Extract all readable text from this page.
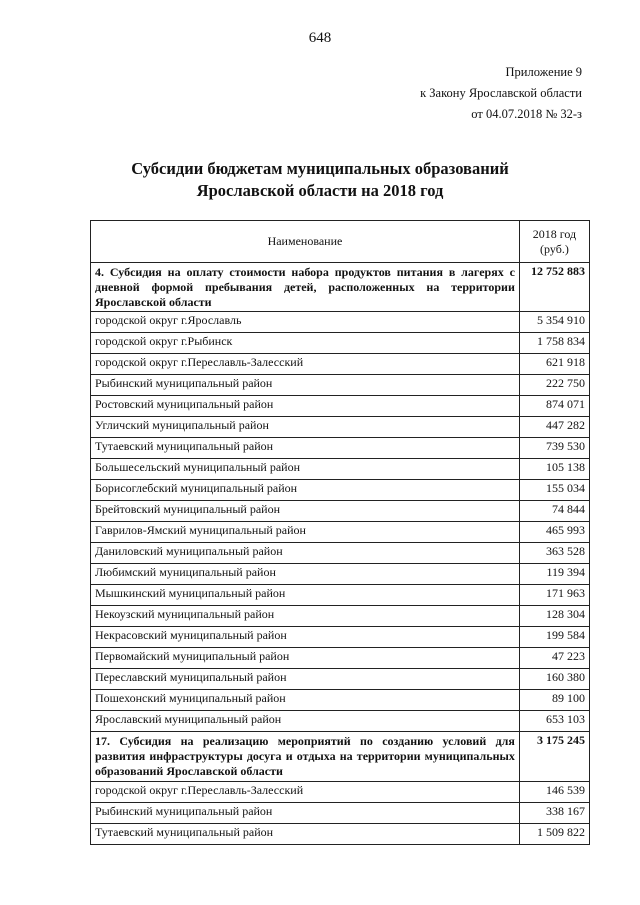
648
Приложение 9
к Закону Ярославской области
от 04.07.2018 № 32-з
Субсидии бюджетам муниципальных образований
Ярославской области на 2018 год
Наименование	2018 год
(руб.)

4. Субсидия на оплату стоимости набора продуктов питания в лагерях с дневной формой пребывания детей, расположенных на территории Ярославской области	12 752 883
городской округ г.Ярославль	5 354 910
городской округ г.Рыбинск	1 758 834
городской округ г.Переславль-Залесский	621 918
Рыбинский муниципальный район	222 750
Ростовский муниципальный район	874 071
Угличский муниципальный район	447 282
Тутаевский муниципальный район	739 530
Большесельский муниципальный район	105 138
Борисоглебский муниципальный район	155 034
Брейтовский муниципальный район	74 844
Гаврилов-Ямский муниципальный район	465 993
Даниловский муниципальный район	363 528
Любимский муниципальный район	119 394
Мышкинский муниципальный район	171 963
Некоузский муниципальный район	128 304
Некрасовский муниципальный район	199 584
Первомайский муниципальный район	47 223
Переславский муниципальный район	160 380
Пошехонский муниципальный район	89 100
Ярославский муниципальный район	653 103
17. Субсидия на реализацию мероприятий по созданию условий для развития инфраструктуры досуга и отдыха на территории муниципальных образований Ярославской области	3 175 245
городской округ г.Переславль-Залесский	146 539
Рыбинский муниципальный район	338 167
Тутаевский муниципальный район	1 509 822
